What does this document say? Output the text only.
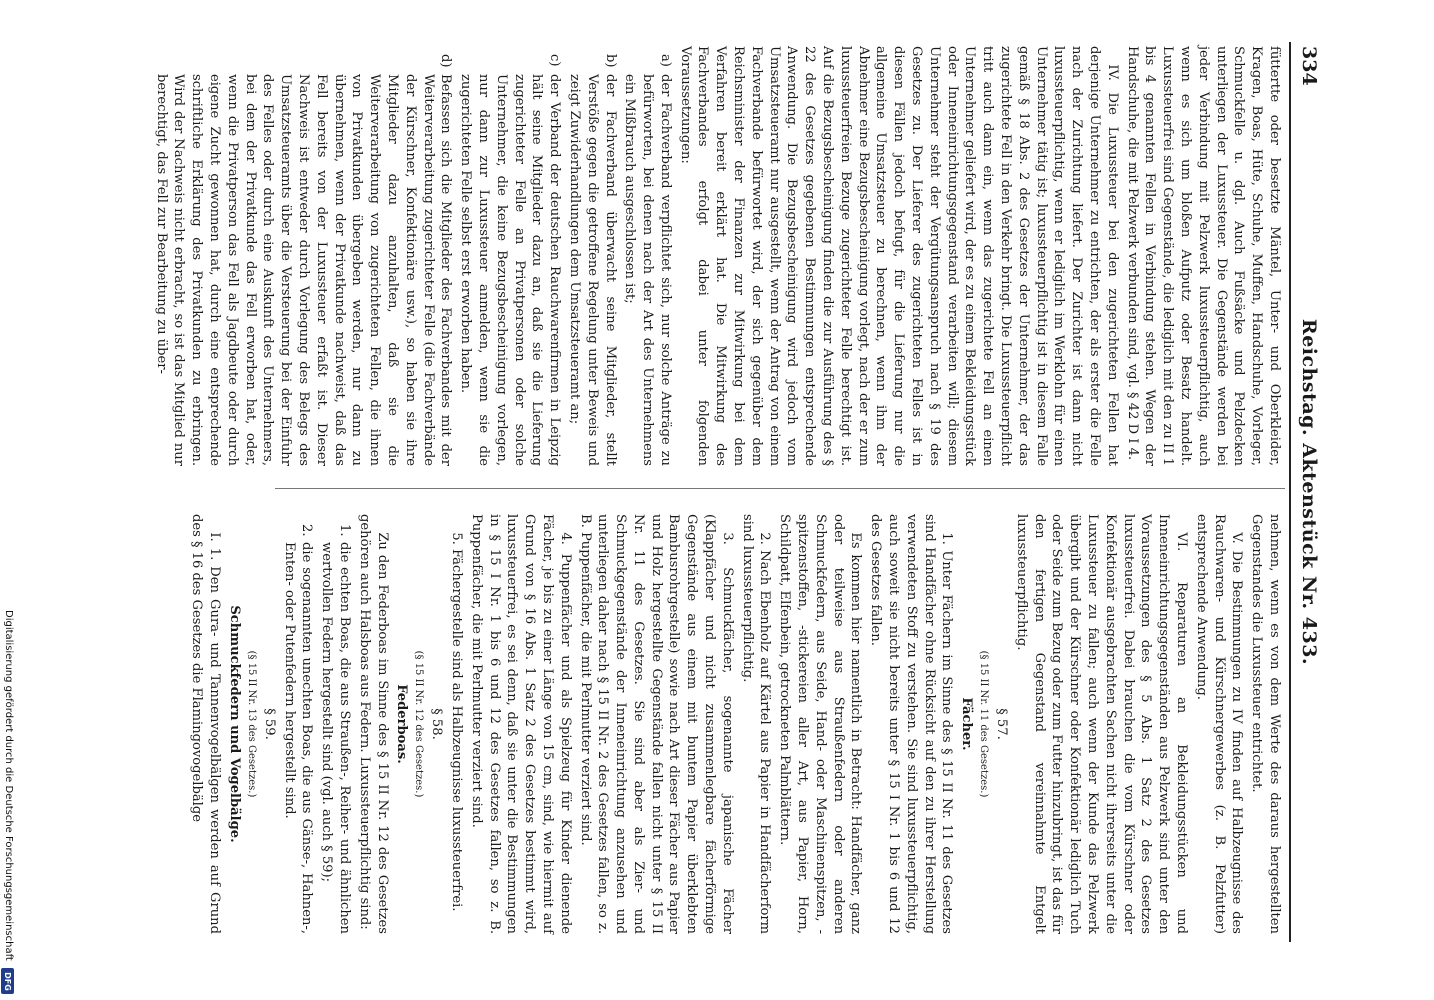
334
Reichstag. Aktenstück Nr. 433.

füttertte oder besetzte Mäntel, Unter- und Oberkleider, Kragen, Boas, Hüte, Schuhe, Muffen, Handschuhe, Vorleger, Schmuckfelle u. dgl. Auch Fußsäcke und Pelzdecken unterliegen der Luxussteuer. Die Gegenstände werden bei jeder Verbindung mit Pelzwerk luxussteuerpflichtig, auch wenn es sich um bloßen Aufputz oder Besatz handelt. Luxussteuerfrei sind Gegenstände, die lediglich mit den zu II 1 bis 4 genannten Fellen in Verbindung stehen. Wegen der Handschuhe, die mit Pelzwerk verbunden sind, vgl. § 42 D I 4.

IV. Die Luxussteuer bei den zugerichteten Fellen hat derjenige Unternehmer zu entrichten, der als erster die Felle nach der Zurichtung liefert. Der Zurichter ist dann nicht luxussteuerpflichtig, wenn er lediglich im Werklohn für einen Unternehmer tätig ist; luxussteuerpflichtig ist in diesem Falle gemäß § 18 Abs. 2 des Gesetzes der Unternehmer, der das zugerichtete Fell in den Verkehr bringt. Die Luxussteuerpflicht tritt auch dann ein, wenn das zugerichtete Fell an einen Unternehmer geliefert wird, der es zu einem Bekleidungsstück oder Inneneinrichtungsgegenstand verarbeiten will; diesem Unternehmer steht der Vergütungsanspruch nach § 19 des Gesetzes zu. Der Lieferer des zugerichteten Felles ist in diesen Fällen jedoch befugt, für die Lieferung nur die allgemeine Umsatzsteuer zu berechnen, wenn ihm der Abnehmer eine Bezugsbescheinigung vorlegt, nach der er zum luxussteuerfreien Bezuge zugerichteter Felle berechtigt ist. Auf die Bezugsbescheinigung finden die zur Ausführung des § 22 des Gesetzes gegebenen Bestimmungen entsprechende Anwendung. Die Bezugsbescheinigung wird jedoch vom Umsatzsteueramt nur ausgestellt, wenn der Antrag von einem Fachverbande befürwortet wird, der sich gegenüber dem Reichsminister der Finanzen zur Mitwirkung bei dem Verfahren bereit erklärt hat. Die Mitwirkung des Fachverbandes erfolgt dabei unter folgenden Voraussetzungen:

a)
der Fachverband verpflichtet sich, nur solche Anträge zu befürworten, bei denen nach der Art des Unternehmens ein Mißbrauch ausgeschlossen ist;

b)
der Fachverband überwacht seine Mitglieder, stellt Verstöße gegen die getroffene Regelung unter Beweis und zeigt Zuwiderhandlungen dem Umsatzsteueramt an;

c)
der Verband der deutschen Rauchwarenfirmen in Leipzig hält seine Mitglieder dazu an, daß sie die Lieferung zugerichteter Felle an Privatpersonen oder solche Unternehmer, die keine Bezugsbescheinigung vorlegen, nur dann zur Luxussteuer anmelden, wenn sie die zugerichteten Felle selbst erst erworben haben.

d)
Befassen sich die Mitglieder des Fachverbandes mit der Weiterverarbeitung zugerichteter Felle (die Fachverbände der Kürschner, Konfektionäre usw.), so haben sie ihre Mitglieder dazu anzuhalten, daß sie die Weiterverarbeitung von zugerichteten Fellen, die ihnen von Privatkunden übergeben werden, nur dann zu übernehmen, wenn der Privatkunde nachweist, daß das Fell bereits von der Luxussteuer erfaßt ist. Dieser Nachweis ist entweder durch Vorlegung des Belegs des Umsatzsteueramts über die Versteuerung bei der Einfuhr des Felles oder durch eine Auskunft des Unternehmers, bei dem der Privatkunde das Fell erworben hat, oder, wenn die Privatperson das Fell als Jagdbeute oder durch eigene Zucht gewonnen hat, durch eine entsprechende schriftliche Erklärung des Privatkunden zu erbringen. Wird der Nachweis nicht erbracht, so ist das Mitglied nur berechtigt, das Fell zur Bearbeitung zu über-

nehmen, wenn es von dem Werte des daraus hergestellten Gegenstandes die Luxussteuer entrichtet.

V. Die Bestimmungen zu IV finden auf Halbzeugnisse des Rauchwaren- und Kürschnergewerbes (z. B. Pelzfutter) entsprechende Anwendung.

VI. Reparaturen an Bekleidungsstücken und Inneneinrichtungsgegenständen aus Pelzwerk sind unter den Voraussetzungen des § 5 Abs. 1 Satz 2 des Gesetzes luxussteuerfrei. Dabei brauchen die vom Kürschner oder Konfektionär ausgebrachten Sachen nicht ihrerseits unter die Luxussteuer zu fallen; auch wenn der Kunde das Pelzwerk übergibt und der Kürschner oder Konfektionär lediglich Tuch oder Seide zum Bezug oder zum Futter hinzubringt, ist das für den fertigen Gegenstand vereinnahmte Entgelt luxussteuerpflichtig.

§ 57.

(§ 15 II Nr. 11 des Gesetzes.)

Fächer.

1. Unter Fächern im Sinne des § 15 II Nr. 11 des Gesetzes sind Handfächer ohne Rücksicht auf den zu ihrer Herstellung verwendeten Stoff zu verstehen. Sie sind luxussteuerpflichtig, auch soweit sie nicht bereits unter § 15 I Nr. 1 bis 6 und 12 des Gesetzes fallen.

Es kommen hier namentlich in Betracht: Handfächer, ganz oder teilweise aus Straußenfedern oder anderen Schmuckfedern, aus Seide, Hand- oder Maschinenspitzen, -spitzenstoffen, -stickereien aller Art, aus Papier, Horn, Schildpatt, Elfenbein, getrockneten Palmblättern.

2. Nach Ebenholz auf Kärtel aus Papier in Handfächerform sind luxussteuerpflichtig.

3. Schmuckfächer, sogenannte japanische Fächer (Klappfächer und nicht zusammenlegbare fächerförmige Gegenstände aus einem mit buntem Papier überklebten Bambusrohrgestelle) sowie nach Art dieser Fächer aus Papier und Holz hergestellte Gegenstände fallen nicht unter § 15 II Nr. 11 des Gesetzes. Sie sind aber als Zier- und Schmuckgegenstände der Inneneinrichtung anzusehen und unterliegen daher nach § 15 II Nr. 2 des Gesetzes fallen, so z. B. Puppenfächer, die mit Perlmutter verziert sind.

4. Puppenfächer und als Spielzeug für Kinder dienende Fächer, je bis zu einer Länge von 15 cm, sind, wie hiermit auf Grund von § 16 Abs. 1 Satz 2 des Gesetzes bestimmt wird, luxussteuerfrei, es sei denn, daß sie unter die Bestimmungen in § 15 I Nr. 1 bis 6 und 12 des Gesetzes fallen, so z. B. Puppenfächer, die mit Perlmutter verziert sind.

5. Fächergestelle sind als Halbzeugnisse luxussteuerfrei.

§ 58.

(§ 15 II Nr. 12 des Gesetzes.)

Federboas.

Zu den Federboas im Sinne des § 15 II Nr. 12 des Gesetzes gehören auch Halsboas aus Federn. Luxussteuerpflichtig sind:

1.
die echten Boas, die aus Straußen-, Reiher- und ähnlichen wertvollen Federn hergestellt sind (vgl. auch § 59);

2.
die sogenannten unechten Boas, die aus Gänse-, Hahnen-, Enten- oder Putenfedern hergestellt sind.

§ 59.

(§ 15 II Nr. 13 des Gesetzes.)

Schmuckfedern und Vogelbälge.

I. 1. Den Gura- und Tannenvogelbälgen werden auf Grund des § 16 des Gesetzes die Flamingovogelbälge

Digitalisierung gefördert durch die Deutsche Forschungsgemeinschaft
DFG
